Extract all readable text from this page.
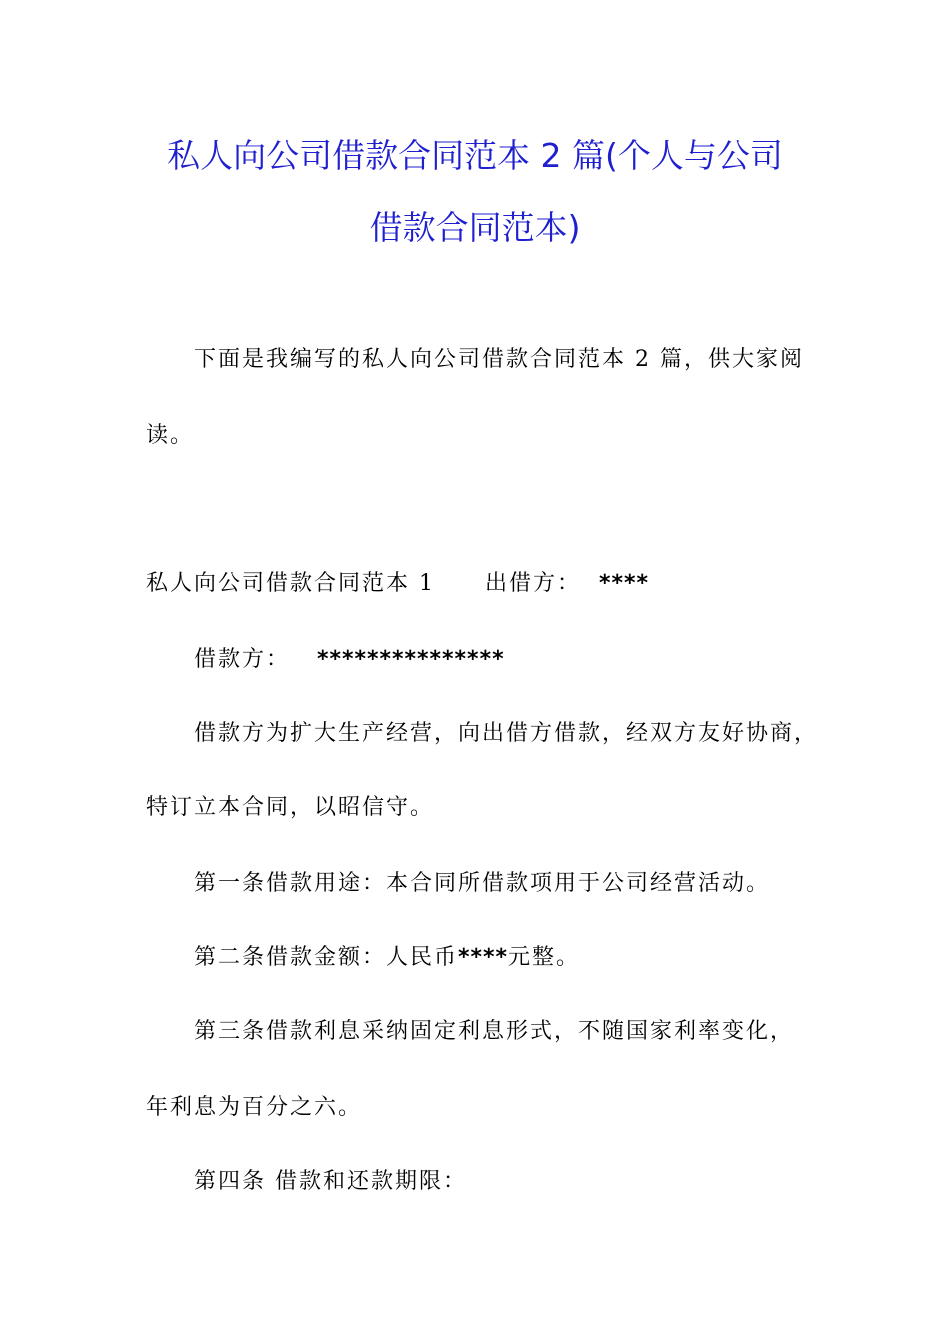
私人向公司借款合同范本 2 篇(个人与公司
借款合同范本)
下面是我编写的私人向公司借款合同范本 2 篇，供大家阅
读。
私人向公司借款合同范本 1 出借方： ****
借款方： ***************
借款方为扩大生产经营，向出借方借款，经双方友好协商，
特订立本合同，以昭信守。
第一条借款用途：本合同所借款项用于公司经营活动。
第二条借款金额：人民币****元整。
第三条借款利息采纳固定利息形式，不随国家利率变化，
年利息为百分之六。
第四条 借款和还款期限：
